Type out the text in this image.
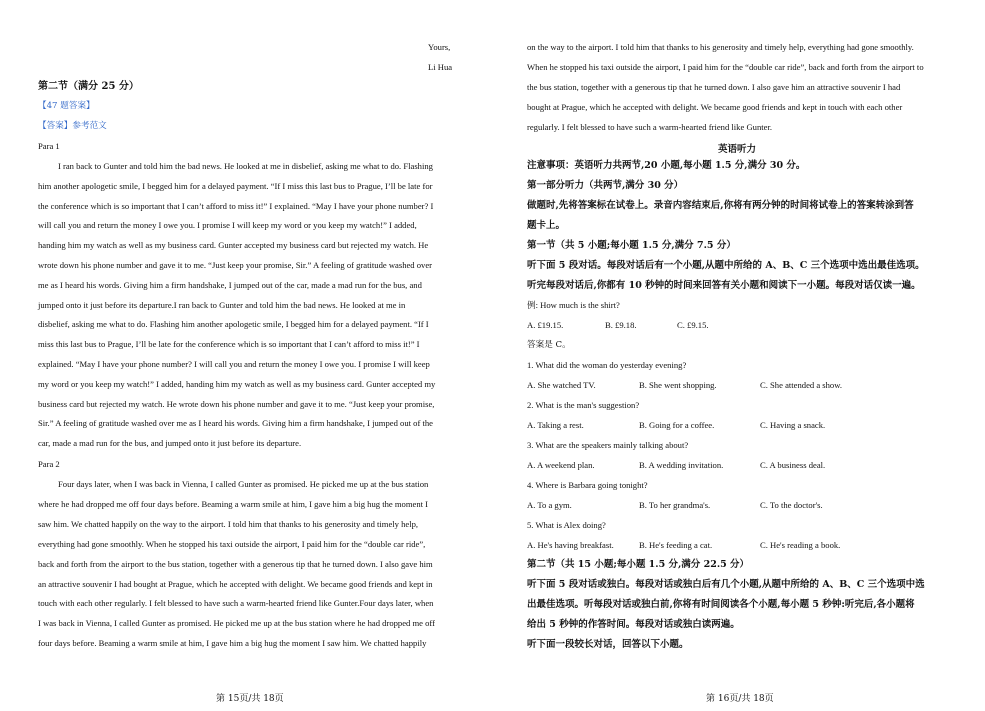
Yours,
Li Hua
第二节（满分 25 分）
【47 题答案】
【答案】参考范文
Para 1
I ran back to Gunter and told him the bad news. He looked at me in disbelief, asking me what to do. Flashing
him another apologetic smile, I begged him for a delayed payment. “If I miss this last bus to Prague, I’ll be late for
the conference which is so important that I can’t afford to miss it!” I explained. “May I have your phone number? I
will call you and return the money I owe you. I promise I will keep my word or you keep my watch!” I added,
handing him my watch as well as my business card. Gunter accepted my business card but rejected my watch. He
wrote down his phone number and gave it to me. “Just keep your promise, Sir.” A feeling of gratitude washed over
me as I heard his words. Giving him a firm handshake, I jumped out of the car, made a mad run for the bus, and
jumped onto it just before its departure.I ran back to Gunter and told him the bad news. He looked at me in
disbelief, asking me what to do. Flashing him another apologetic smile, I begged him for a delayed payment. “If I
miss this last bus to Prague, I’ll be late for the conference which is so important that I can’t afford to miss it!” I
explained. “May I have your phone number? I will call you and return the money I owe you. I promise I will keep
my word or you keep my watch!” I added, handing him my watch as well as my business card. Gunter accepted my
business card but rejected my watch. He wrote down his phone number and gave it to me. “Just keep your promise,
Sir.” A feeling of gratitude washed over me as I heard his words. Giving him a firm handshake, I jumped out of the
car, made a mad run for the bus, and jumped onto it just before its departure.
Para 2
Four days later, when I was back in Vienna, I called Gunter as promised. He picked me up at the bus station
where he had dropped me off four days before. Beaming a warm smile at him, I gave him a big hug the moment I
saw him. We chatted happily on the way to the airport. I told him that thanks to his generosity and timely help,
everything had gone smoothly. When he stopped his taxi outside the airport, I paid him for the “double car ride”,
back and forth from the airport to the bus station, together with a generous tip that he turned down. I also gave him
an attractive souvenir I had bought at Prague, which he accepted with delight. We became good friends and kept in
touch with each other regularly. I felt blessed to have such a warm-hearted friend like Gunter.Four days later, when
I was back in Vienna, I called Gunter as promised. He picked me up at the bus station where he had dropped me off
four days before. Beaming a warm smile at him, I gave him a big hug the moment I saw him. We chatted happily
第 15页/共 18页
on the way to the airport. I told him that thanks to his generosity and timely help, everything had gone smoothly.
When he stopped his taxi outside the airport, I paid him for the “double car ride”, back and forth from the airport to
the bus station, together with a generous tip that he turned down. I also gave him an attractive souvenir I had
bought at Prague, which he accepted with delight. We became good friends and kept in touch with each other
regularly. I felt blessed to have such a warm-hearted friend like Gunter.
英语听力
注意事项：英语听力共两节,20 小题,每小题 1.5 分,满分 30 分。
第一部分听力（共两节,满分 30 分）
做题时,先将答案标在试卷上。录音内容结束后,你将有两分钟的时间将试卷上的答案转涂到答
题卡上。
第一节（共 5 小题;每小题 1.5 分,满分 7.5 分）
听下面 5 段对话。每段对话后有一个小题,从题中所给的 A、B、C 三个选项中选出最佳选项。
听完每段对话后,你都有 10 秒钟的时间来回答有关小题和阅读下一小题。每段对话仅读一遍。
例: How much is the shirt?
A. £19.15.	B. £9.18.	C. £9.15.
答案是 C。
1. What did the woman do yesterday evening?
A. She watched TV.	B. She went shopping.	C. She attended a show.
2. What is the man's suggestion?
A. Taking a rest.	B. Going for a coffee.	C. Having a snack.
3. What are the speakers mainly talking about?
A. A weekend plan.	B. A wedding invitation.	C. A business deal.
4. Where is Barbara going tonight?
A. To a gym.	B. To her grandma's.	C. To the doctor's.
5. What is Alex doing?
A. He's having breakfast.	B. He's feeding a cat.	C. He's reading a book.
第二节（共 15 小题;每小题 1.5 分,满分 22.5 分）
听下面 5 段对话或独白。每段对话或独白后有几个小题,从题中所给的 A、B、C 三个选项中选
出最佳选项。听每段对话或独白前,你将有时间阅读各个小题,每小题 5 秒钟:听完后,各小题将
给出 5 秒钟的作答时间。每段对话或独白读两遍。
听下面一段较长对话，回答以下小题。
第 16页/共 18页
